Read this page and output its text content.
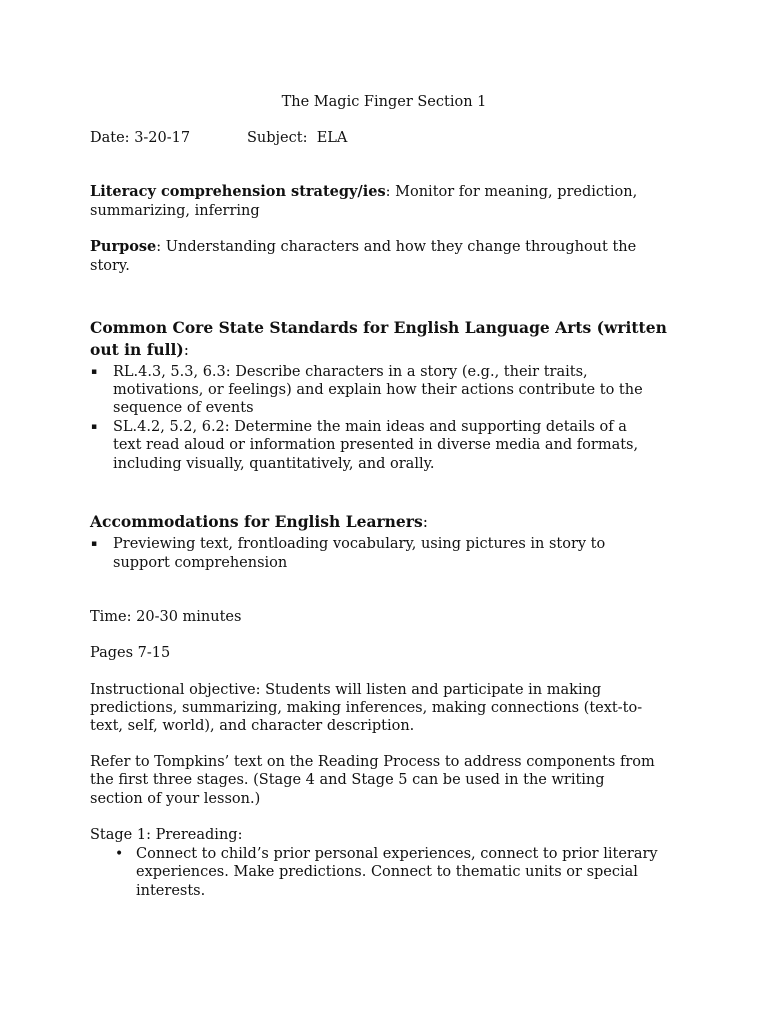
The Magic Finger Section 1
Date: 3-20-17	Subject: ELA
Literacy comprehension strategy/ies: Monitor for meaning, prediction,
summarizing, inferring
Purpose: Understanding characters and how they change throughout the
story.
Common Core State Standards for English Language Arts (written
out in full):
▪ RL.4.3, 5.3, 6.3: Describe characters in a story (e.g., their traits,
motivations, or feelings) and explain how their actions contribute to the
sequence of events
▪ SL.4.2, 5.2, 6.2: Determine the main ideas and supporting details of a
text read aloud or information presented in diverse media and formats,
including visually, quantitatively, and orally.
Accommodations for English Learners:
▪ Previewing text, frontloading vocabulary, using pictures in story to
support comprehension
Time: 20-30 minutes
Pages 7-15
Instructional objective: Students will listen and participate in making
predictions, summarizing, making inferences, making connections (text-to-
text, self, world), and character description.
Refer to Tompkins’ text on the Reading Process to address components from
the first three stages. (Stage 4 and Stage 5 can be used in the writing
section of your lesson.)
Stage 1: Prereading:
• Connect to child’s prior personal experiences, connect to prior literary
experiences. Make predictions. Connect to thematic units or special
interests.
